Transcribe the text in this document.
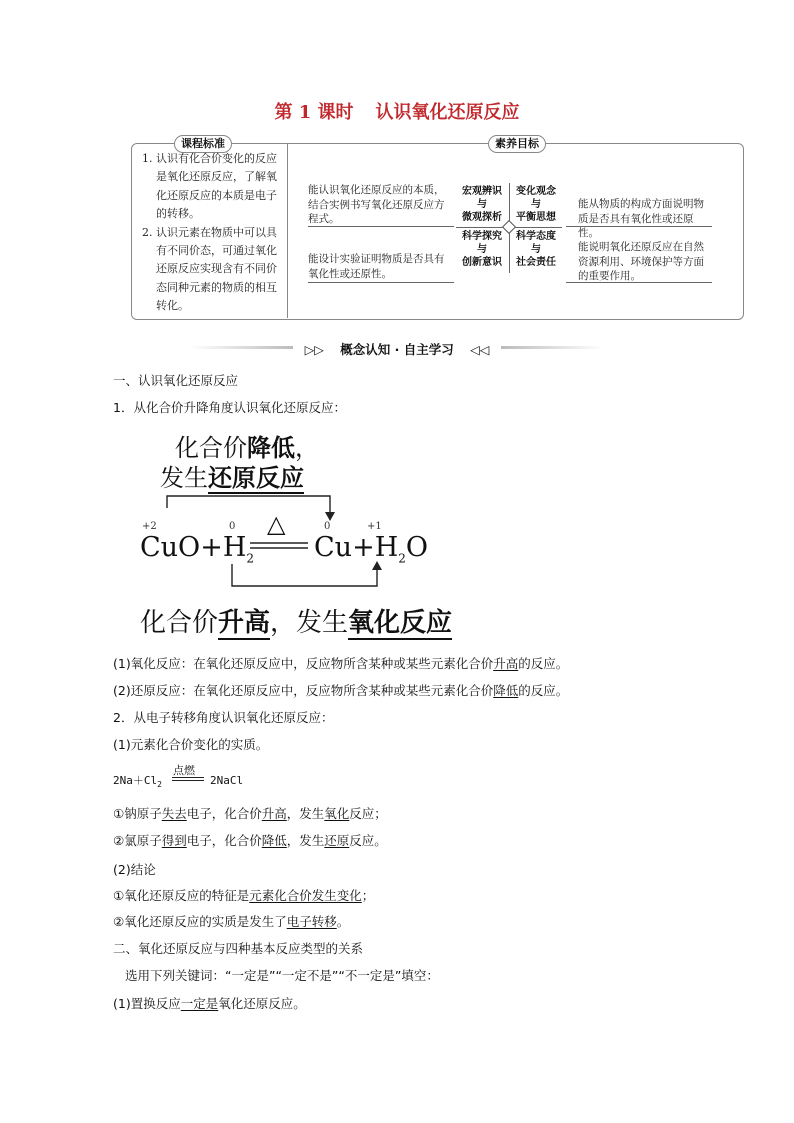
第 1 课时 认识氧化还原反应
课程标准	素养目标
1. 认识有化合价变化的反应是氧化还原反应，了解氧化还原反应的本质是电子的转移。
2. 认识元素在物质中可以具有不同价态，可通过氧化还原反应实现含有不同价态同种元素的物质的相互转化。
能认识氧化还原反应的本质，结合实例书写氧化还原反应方程式。
能设计实验证明物质是否具有氧化性或还原性。
宏观辨识
与
微观探析
变化观念
与
平衡思想
科学探究
与
创新意识
科学态度
与
社会责任
能从物质的构成方面说明物质是否具有氧化性或还原性。
能说明氧化还原反应在自然资源利用、环境保护等方面的重要作用。
▷▷ 概念认知 · 自主学习 ◁◁
一、认识氧化还原反应
1．从化合价升降角度认识氧化还原反应：
化合价降低，
发生还原反应
+2	0	0	+1
△
$CuO+H_2$ $Cu+H_2O$
化合价升高，发生氧化反应
(1)氧化反应：在氧化还原反应中，反应物所含某种或某些元素化合价升高的反应。
(2)还原反应：在氧化还原反应中，反应物所含某种或某些元素化合价降低的反应。
2．从电子转移角度认识氧化还原反应：
(1)元素化合价变化的实质。
$2Na+Cl_2$	2NaCl
点燃
①钠原子失去电子，化合价升高，发生氧化反应；
②氯原子得到电子，化合价降低，发生还原反应。
(2)结论
①氧化还原反应的特征是元素化合价发生变化；
②氧化还原反应的实质是发生了电子转移。
二、氧化还原反应与四种基本反应类型的关系
选用下列关键词：“一定是”“一定不是”“不一定是”填空：
(1)置换反应一定是氧化还原反应。
